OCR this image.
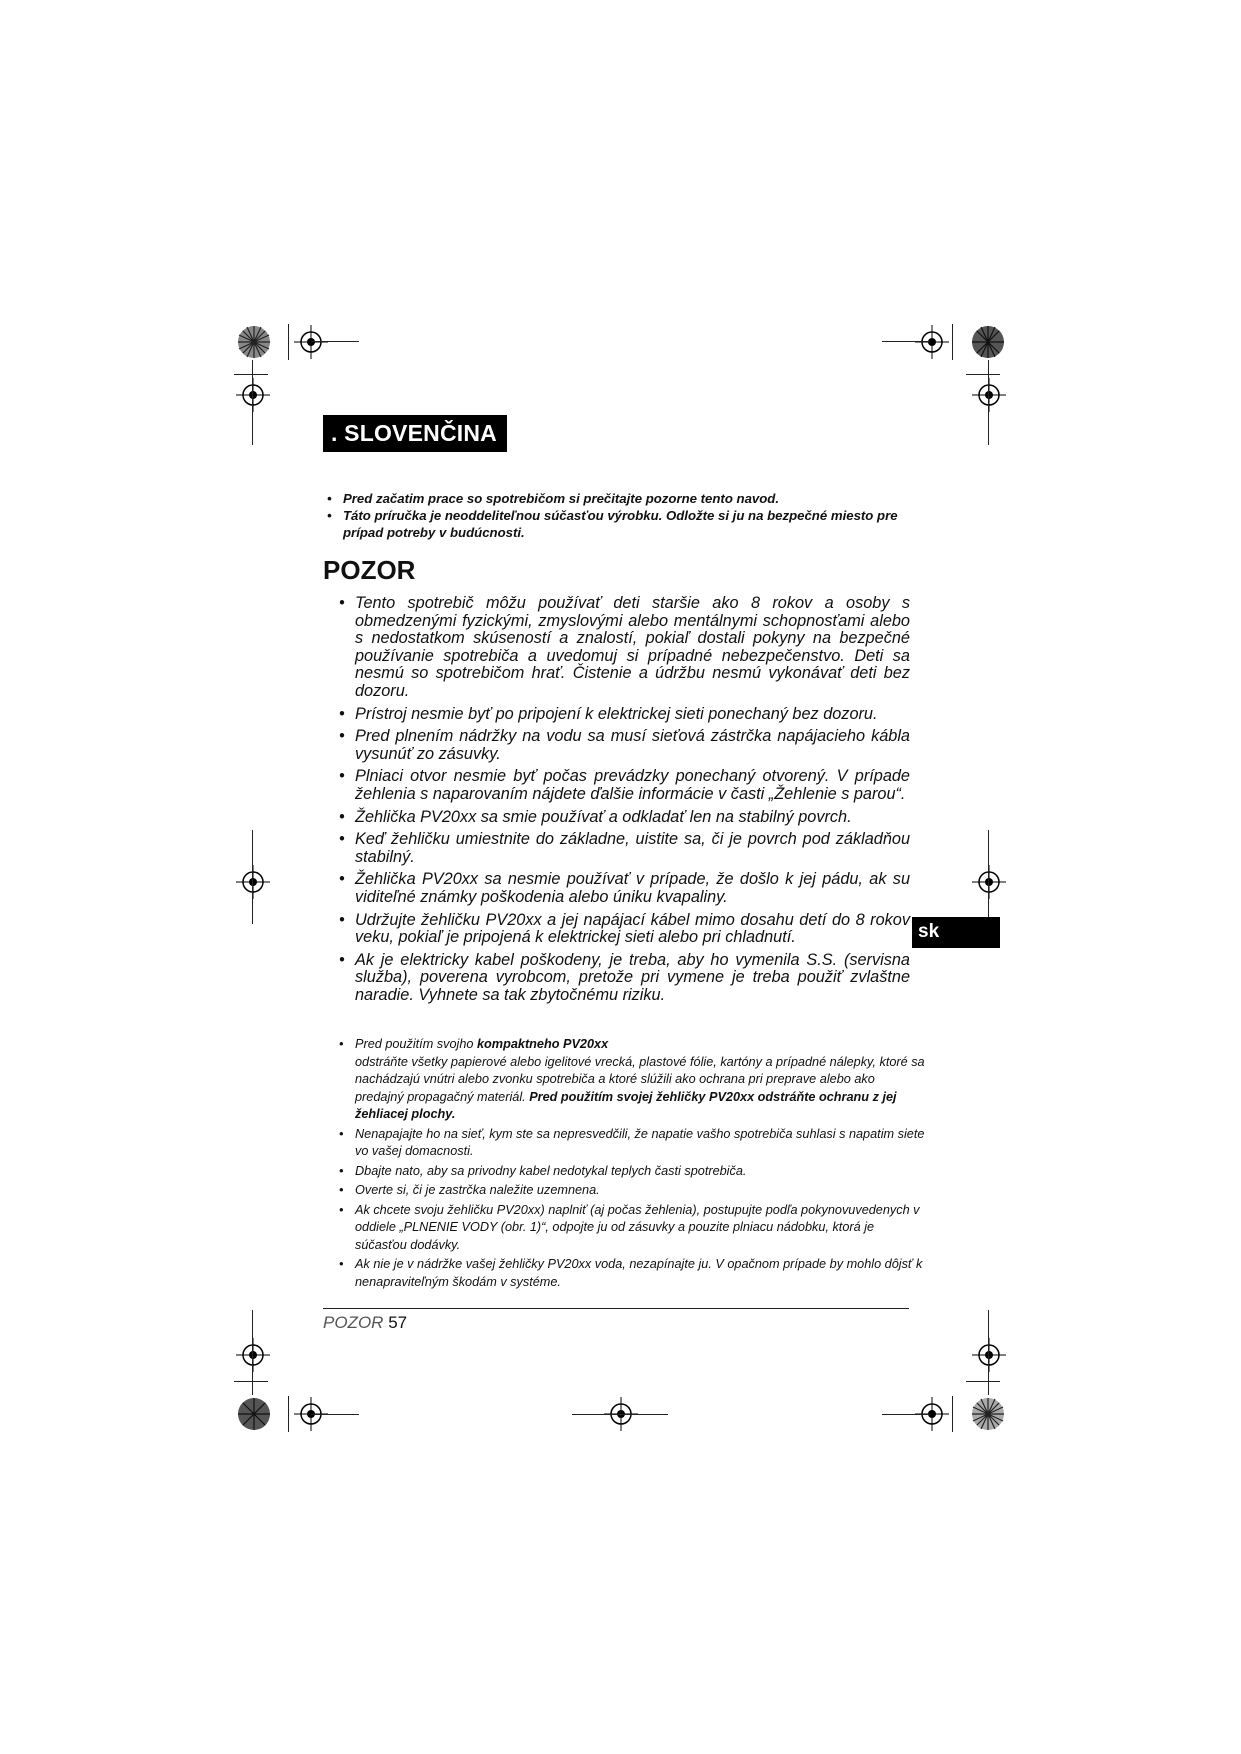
. SLOVENČINA
• Pred začatim prace so spotrebičom si prečitajte pozorne tento navod.
• Táto príručka je neoddeliteľnou súčasťou výrobku. Odložte si ju na bezpečné miesto pre prípad potreby v budúcnosti.
POZOR
• Tento spotrebič môžu používať deti staršie ako 8 rokov a osoby s obmedzenými fyzickými, zmyslovými alebo mentálnymi schopnosťami alebo s nedostatkom skúseností a znalostí, pokiaľ dostali pokyny na bezpečné používanie spotrebiča a uvedomuj si prípadné nebezpečenstvo. Deti sa nesmú so spotrebičom hrať. Čistenie a údržbu nesmú vykonávať deti bez dozoru.
• Prístroj nesmie byť po pripojení k elektrickej sieti ponechaný bez dozoru.
• Pred plnením nádržky na vodu sa musí sieťová zástrčka napájacieho kábla vysunúť zo zásuvky.
• Plniaci otvor nesmie byť počas prevádzky ponechaný otvorený. V prípade žehlenia s naparovaním nájdete ďalšie informácie v časti „Žehlenie s parou“.
• Žehlička PV20xx sa smie používať a odkladať len na stabilný povrch.
• Keď žehličku umiestnite do základne, uistite sa, či je povrch pod základňou stabilný.
• Žehlička PV20xx sa nesmie používať v prípade, že došlo k jej pádu, ak su viditeľné známky poškodenia alebo úniku kvapaliny.
• Udržujte žehličku PV20xx a jej napájací kábel mimo dosahu detí do 8 rokov veku, pokiaľ je pripojená k elektrickej sieti alebo pri chladnutí.
• Ak je elektricky kabel poškodeny, je treba, aby ho vymenila S.S. (servisna služba), poverena vyrobcom, pretože pri vymene je treba použiť zvlaštne naradie. Vyhnete sa tak zbytočnému riziku.
• Pred použitím svojho kompaktneho PV20xx
odstráňte všetky papierové alebo igelitové vrecká, plastové fólie, kartóny a prípadné nálepky, ktoré sa nachádzajú vnútri alebo zvonku spotrebiča a ktoré slúžili ako ochrana pri preprave alebo ako predajný propagačný materiál. Pred použitím svojej žehličky PV20xx odstráňte ochranu z jej žehliacej plochy.
• Nenapajajte ho na sieť, kym ste sa nepresvedčili, že napatie vašho spotrebiča suhlasi s napatim siete vo vašej domacnosti.
• Dbajte nato, aby sa privodny kabel nedotykal teplych časti spotrebiča.
• Overte si, či je zastrčka naležite uzemnena.
• Ak chcete svoju žehličku PV20xx) naplniť (aj počas žehlenia), postupujte podľa pokynovuvedenych v oddiele „PLNENIE VODY (obr. 1)“, odpojte ju od zásuvky a pouzite plniacu nádobku, ktorá je súčasťou dodávky.
• Ak nie je v nádržke vašej žehličky PV20xx voda, nezapínajte ju. V opačnom prípade by mohlo dôjsť k nenapraviteľným škodám v systéme.
sk
POZOR 57
